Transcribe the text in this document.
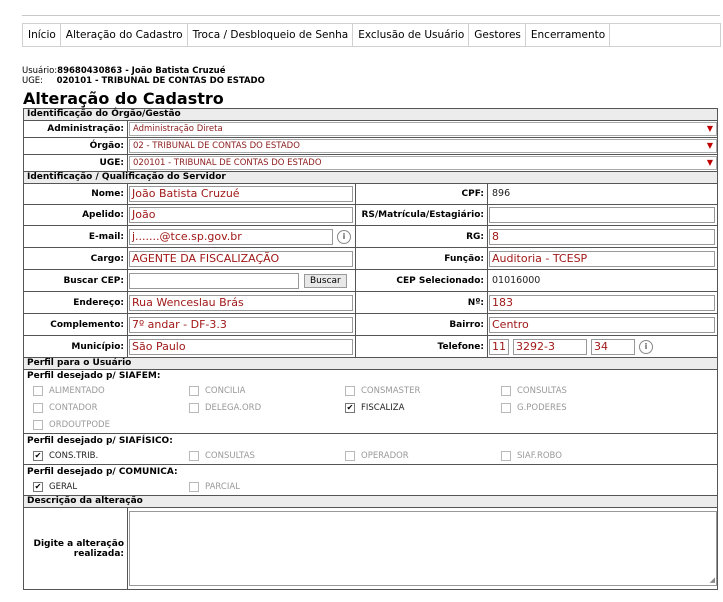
Início Alteração do Cadastro Troca / Desbloqueio de Senha Exclusão de Usuário Gestores Encerramento
Usuário:89680430863 - João Batista Cruzué
UGE: 020101 - TRIBUNAL DE CONTAS DO ESTADO
Alteração do Cadastro
Identificação do Órgão/Gestão
Administração:	Administração Direta	▼
Órgão:	02 - TRIBUNAL DE CONTAS DO ESTADO	▼
UGE:	020101 - TRIBUNAL DE CONTAS DO ESTADO	▼
Identificação / Qualificação do Servidor
Nome: João Batista Cruzué	CPF: 896
Apelido: João	RS/Matrícula/Estagiário:
E-mail: j.......@tce.sp.gov.br	i	RG: 8
Cargo: AGENTE DA FISCALIZAÇÃO	Função: Auditoria - TCESP
Buscar CEP:	Buscar	CEP Selecionado: 01016000
Endereço: Rua Wenceslau Brás	Nº: 183
Complemento: 7º andar - DF-3.3	Bairro: Centro
Município: São Paulo	Telefone: 11 3292-3	34	i
Perfil para o Usuário
Perfil desejado p/ SIAFEM:
ALIMENTADO	CONCILIA	CONSMASTER	CONSULTAS
CONTADOR	DELEGA.ORD	✔ FISCALIZA	G.PODERES
ORDOUTPODE
Perfil desejado p/ SIAFÍSICO:
✔ CONS.TRIB.	CONSULTAS	OPERADOR	SIAF.ROBO
Perfil desejado p/ COMUNICA:
✔ GERAL	PARCIAL
Descrição da alteração
Digite a alteração realizada:
◢
